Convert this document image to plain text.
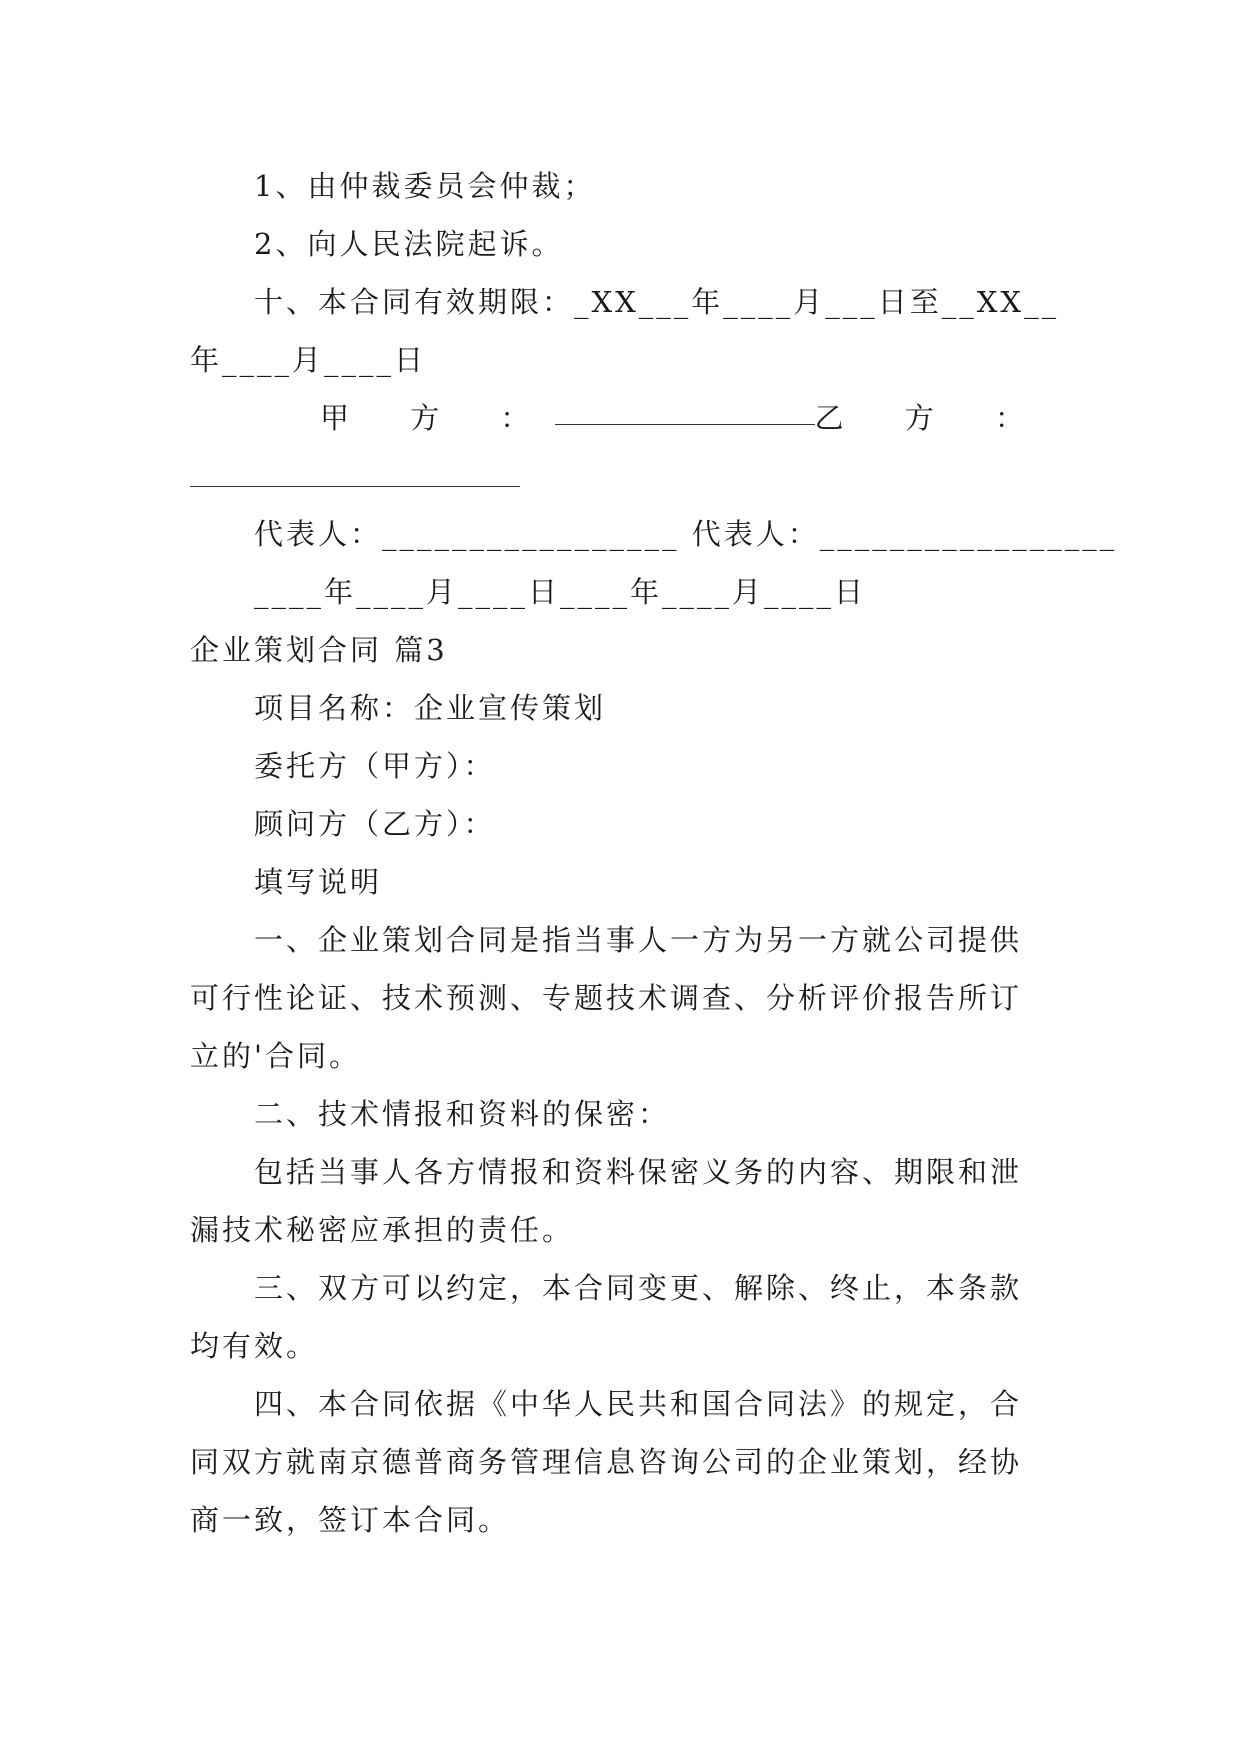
1、由仲裁委员会仲裁；
2、向人民法院起诉。
十、本合同有效期限：_XX___年____月___日至__XX__
年____月____日
甲 方 ：	乙 方 ：
代表人：_________________ 代表人：_________________
____年____月____日____年____月____日
企业策划合同 篇3
项目名称：企业宣传策划
委托方（甲方）：
顾问方（乙方）：
填写说明
一、企业策划合同是指当事人一方为另一方就公司提供
可行性论证、技术预测、专题技术调查、分析评价报告所订
立的'合同。
二、技术情报和资料的保密：
包括当事人各方情报和资料保密义务的内容、期限和泄
漏技术秘密应承担的责任。
三、双方可以约定，本合同变更、解除、终止，本条款
均有效。
四、本合同依据《中华人民共和国合同法》的规定，合
同双方就南京德普商务管理信息咨询公司的企业策划，经协
商一致，签订本合同。
